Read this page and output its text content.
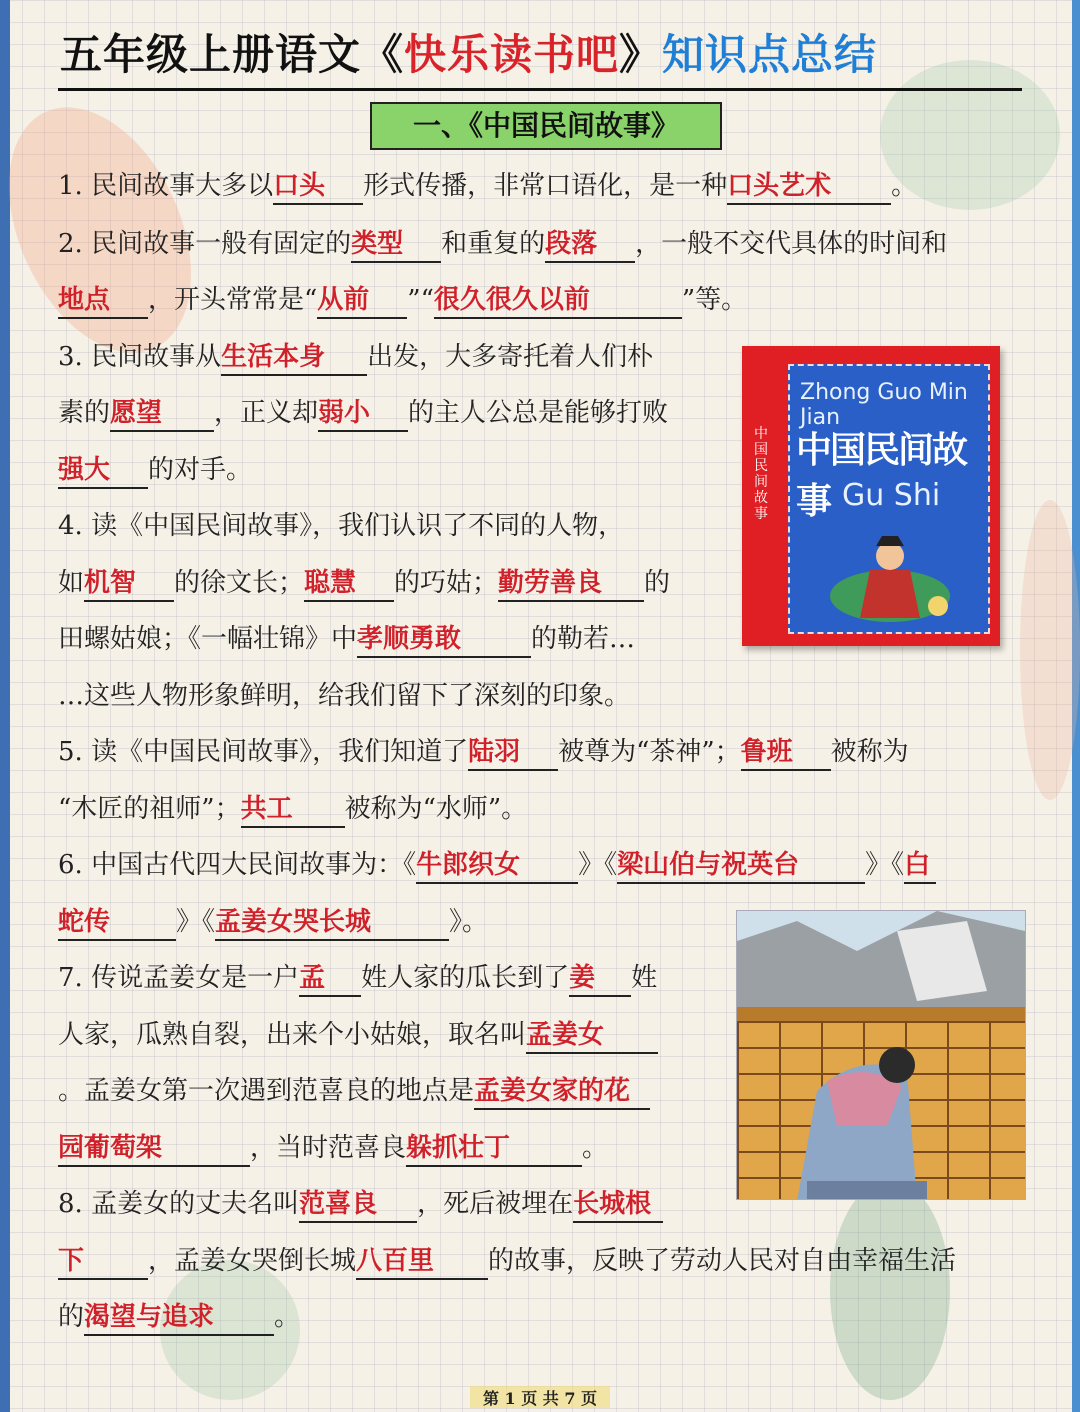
五年级上册语文《快乐读书吧》知识点总结
一、《中国民间故事》
1. 民间故事大多以口头 形式传播，非常口语化，是一种口头艺术 。
2. 民间故事一般有固定的类型 和重复的段落 ，一般不交代具体的时间和
地点 ，开头常常是“从前 ”“很久很久以前	”等。
3. 民间故事从生活本身 出发，大多寄托着人们朴
素的愿望 ，正义却弱小 的主人公总是能够打败
强大 的对手。
4. 读《中国民间故事》，我们认识了不同的人物，
如机智 的徐文长；聪慧 的巧姑；勤劳善良 的
田螺姑娘；《一幅壮锦》中孝顺勇敢	的勒若…
…这些人物形象鲜明，给我们留下了深刻的印象。
5. 读《中国民间故事》，我们知道了陆羽 被尊为“茶神”；鲁班 被称为
“木匠的祖师”；共工 被称为“水师”。
6. 中国古代四大民间故事为：《牛郎织女 》《梁山伯与祝英台	》《白
蛇传	》《孟姜女哭长城	》。
7. 传说孟姜女是一户孟 姓人家的瓜长到了姜 姓
人家，瓜熟自裂，出来个小姑娘，取名叫孟姜女
。孟姜女第一次遇到范喜良的地点是孟姜女家的花
园葡萄架	，当时范喜良躲抓壮丁	。
8. 孟姜女的丈夫名叫范喜良 ，死后被埋在长城根
下 ，孟姜女哭倒长城八百里 的故事，反映了劳动人民对自由幸福生活
的渴望与追求 。
中国民间故事
Zhong Guo Min Jian
中国民间故事 Gu Shi
第 1 页 共 7 页
